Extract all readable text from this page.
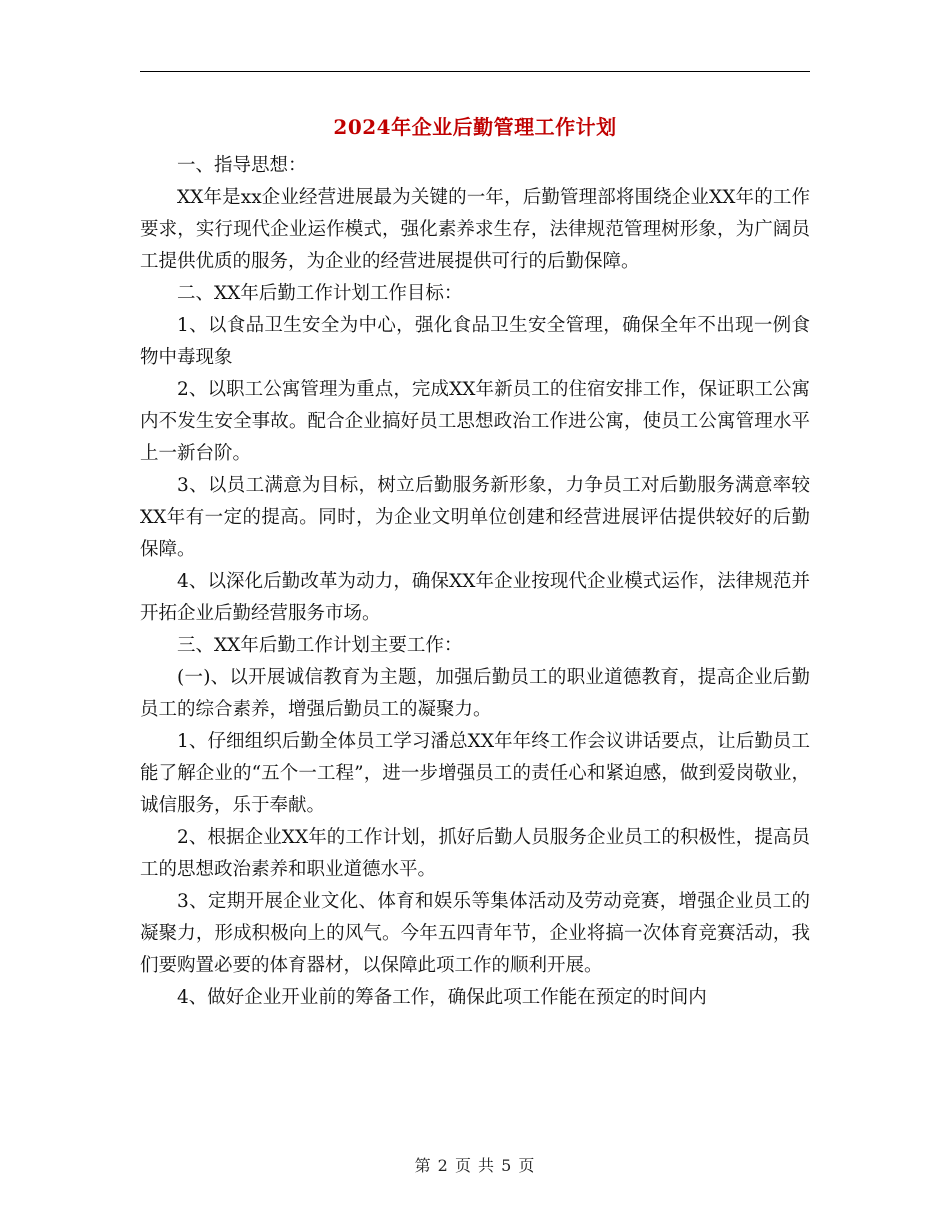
2024年企业后勤管理工作计划

一、指导思想：

XX年是xx企业经营进展最为关键的一年，后勤管理部将围绕企业XX年的工作要求，实行现代企业运作模式，强化素养求生存，法律规范管理树形象，为广阔员工提供优质的服务，为企业的经营进展提供可行的后勤保障。

二、XX年后勤工作计划工作目标：

1、以食品卫生安全为中心，强化食品卫生安全管理，确保全年不出现一例食物中毒现象

2、以职工公寓管理为重点，完成XX年新员工的住宿安排工作，保证职工公寓内不发生安全事故。配合企业搞好员工思想政治工作进公寓，使员工公寓管理水平上一新台阶。

3、以员工满意为目标，树立后勤服务新形象，力争员工对后勤服务满意率较XX年有一定的提高。同时，为企业文明单位创建和经营进展评估提供较好的后勤保障。

4、以深化后勤改革为动力，确保XX年企业按现代企业模式运作，法律规范并开拓企业后勤经营服务市场。

三、XX年后勤工作计划主要工作：

(一)、以开展诚信教育为主题，加强后勤员工的职业道德教育，提高企业后勤员工的综合素养，增强后勤员工的凝聚力。

1、仔细组织后勤全体员工学习潘总XX年年终工作会议讲话要点，让后勤员工能了解企业的“五个一工程”，进一步增强员工的责任心和紧迫感，做到爱岗敬业，诚信服务，乐于奉献。

2、根据企业XX年的工作计划，抓好后勤人员服务企业员工的积极性，提高员工的思想政治素养和职业道德水平。

3、定期开展企业文化、体育和娱乐等集体活动及劳动竞赛，增强企业员工的凝聚力，形成积极向上的风气。今年五四青年节，企业将搞一次体育竞赛活动，我们要购置必要的体育器材，以保障此项工作的顺利开展。

4、做好企业开业前的筹备工作，确保此项工作能在预定的时间内

第 2 页 共 5 页
